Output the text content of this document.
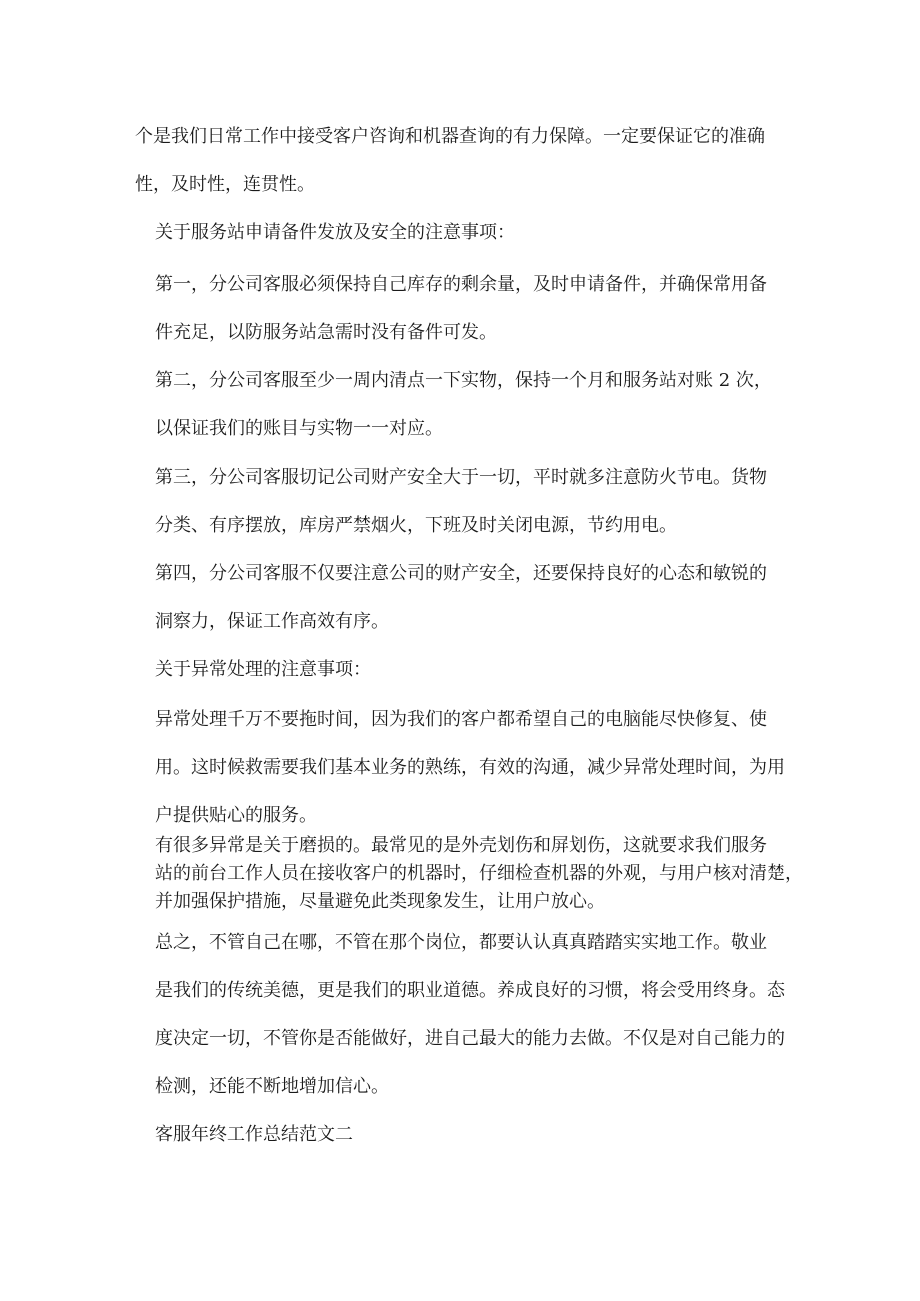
个是我们日常工作中接受客户咨询和机器查询的有力保障。一定要保证它的准确
性，及时性，连贯性。

关于服务站申请备件发放及安全的注意事项：

第一，分公司客服必须保持自己库存的剩余量，及时申请备件，并确保常用备
件充足，以防服务站急需时没有备件可发。

第二，分公司客服至少一周内清点一下实物，保持一个月和服务站对账 2 次，
以保证我们的账目与实物一一对应。

第三，分公司客服切记公司财产安全大于一切，平时就多注意防火节电。货物
分类、有序摆放，库房严禁烟火，下班及时关闭电源，节约用电。

第四，分公司客服不仅要注意公司的财产安全，还要保持良好的心态和敏锐的
洞察力，保证工作高效有序。

关于异常处理的注意事项：

异常处理千万不要拖时间，因为我们的客户都希望自己的电脑能尽快修复、使
用。这时候救需要我们基本业务的熟练，有效的沟通，减少异常处理时间，为用
户提供贴心的服务。

有很多异常是关于磨损的。最常见的是外壳划伤和屏划伤，这就要求我们服务
站的前台工作人员在接收客户的机器时，仔细检查机器的外观，与用户核对清楚，
并加强保护措施，尽量避免此类现象发生，让用户放心。

总之，不管自己在哪，不管在那个岗位，都要认认真真踏踏实实地工作。敬业
是我们的传统美德，更是我们的职业道德。养成良好的习惯，将会受用终身。态
度决定一切，不管你是否能做好，进自己最大的能力去做。不仅是对自己能力的
检测，还能不断地增加信心。

客服年终工作总结范文二
